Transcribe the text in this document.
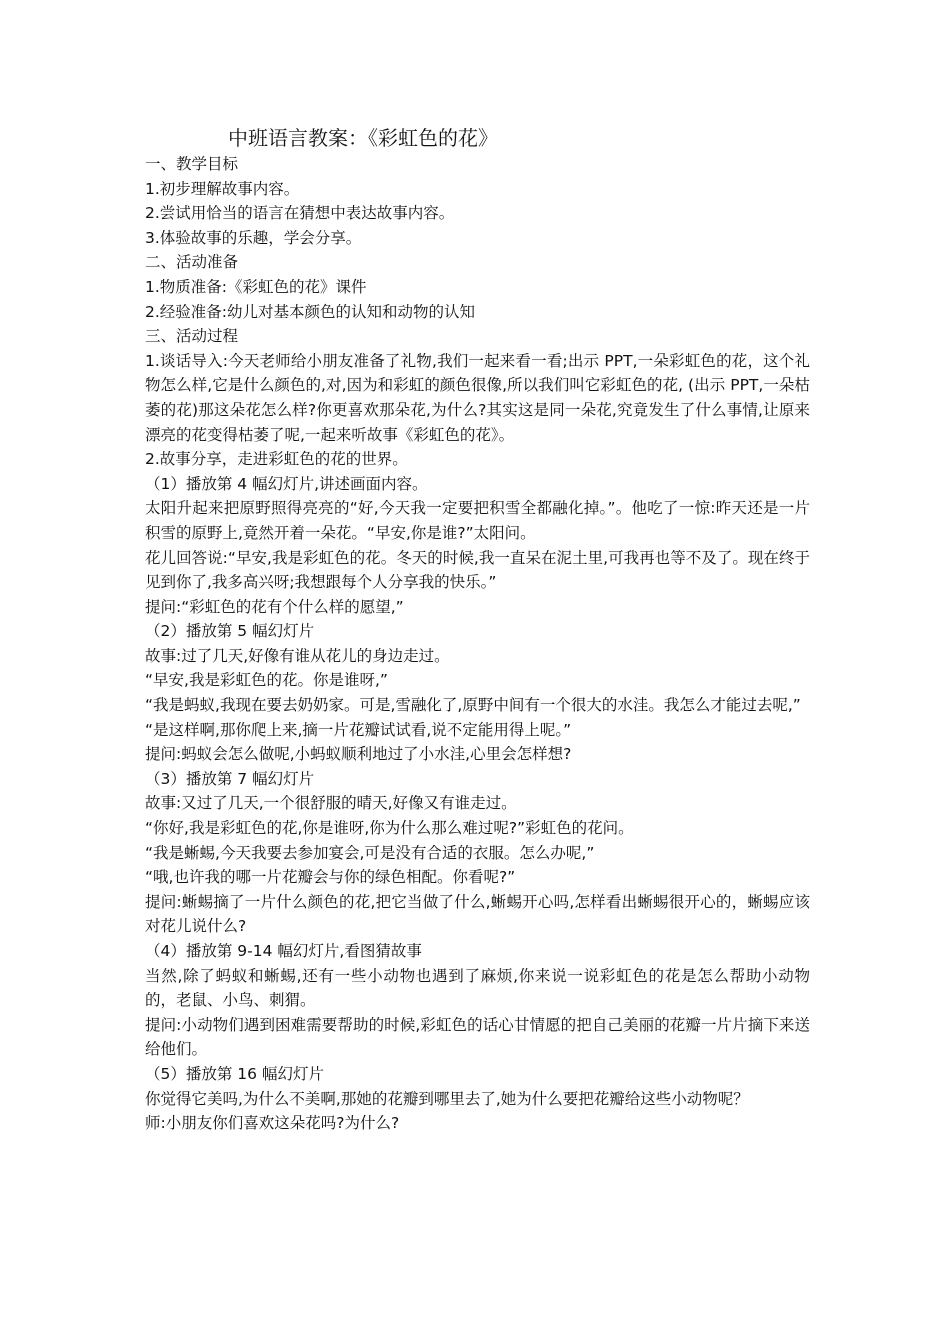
中班语言教案：《彩虹色的花》

一、教学目标

1.初步理解故事内容。

2.尝试用恰当的语言在猜想中表达故事内容。

3.体验故事的乐趣，学会分享。

二、活动准备

1.物质准备:《彩虹色的花》课件

2.经验准备:幼儿对基本颜色的认知和动物的认知

三、活动过程

1.谈话导入:今天老师给小朋友准备了礼物,我们一起来看一看;出示 PPT,一朵彩虹色的花，这个礼物怎么样,它是什么颜色的,对,因为和彩虹的颜色很像,所以我们叫它彩虹色的花, (出示 PPT,一朵枯萎的花)那这朵花怎么样?你更喜欢那朵花,为什么?其实这是同一朵花,究竟发生了什么事情,让原来漂亮的花变得枯萎了呢,一起来听故事《彩虹色的花》。

2.故事分享，走进彩虹色的花的世界。

（1）播放第 4 幅幻灯片,讲述画面内容。

太阳升起来把原野照得亮亮的“好,今天我一定要把积雪全都融化掉。”。他吃了一惊:昨天还是一片积雪的原野上,竟然开着一朵花。“早安,你是谁?”太阳问。

花儿回答说:“早安,我是彩虹色的花。冬天的时候,我一直呆在泥土里,可我再也等不及了。现在终于见到你了,我多高兴呀;我想跟每个人分享我的快乐。”

提问:“彩虹色的花有个什么样的愿望,”

（2）播放第 5 幅幻灯片

故事:过了几天,好像有谁从花儿的身边走过。

“早安,我是彩虹色的花。你是谁呀,”

“我是蚂蚁,我现在要去奶奶家。可是,雪融化了,原野中间有一个很大的水洼。我怎么才能过去呢,”

“是这样啊,那你爬上来,摘一片花瓣试试看,说不定能用得上呢。”

提问:蚂蚁会怎么做呢,小蚂蚁顺利地过了小水洼,心里会怎样想?

（3）播放第 7 幅幻灯片

故事:又过了几天,一个很舒服的晴天,好像又有谁走过。

“你好,我是彩虹色的花,你是谁呀,你为什么那么难过呢?”彩虹色的花问。

“我是蜥蜴,今天我要去参加宴会,可是没有合适的衣服。怎么办呢,”

“哦,也许我的哪一片花瓣会与你的绿色相配。你看呢?”

提问:蜥蜴摘了一片什么颜色的花,把它当做了什么,蜥蜴开心吗,怎样看出蜥蜴很开心的，蜥蜴应该对花儿说什么?

（4）播放第 9-14 幅幻灯片,看图猜故事

当然,除了蚂蚁和蜥蜴,还有一些小动物也遇到了麻烦,你来说一说彩虹色的花是怎么帮助小动物的，老鼠、小鸟、刺猬。

提问:小动物们遇到困难需要帮助的时候,彩虹色的话心甘情愿的把自己美丽的花瓣一片片摘下来送给他们。

（5）播放第 16 幅幻灯片

你觉得它美吗,为什么不美啊,那她的花瓣到哪里去了,她为什么要把花瓣给这些小动物呢？

师:小朋友你们喜欢这朵花吗?为什么?
